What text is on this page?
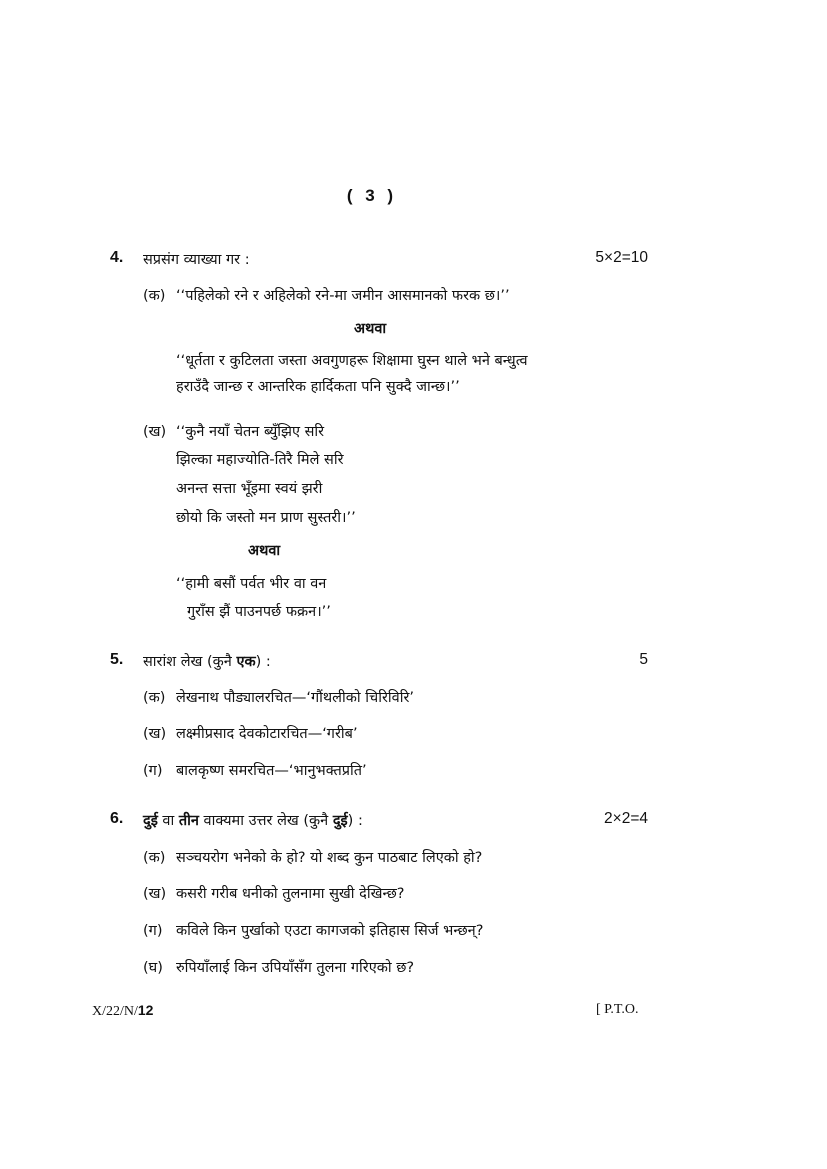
( 3 )
4. सप्रसंग व्याख्या गर :	5×2=10
(क) ‘‘पहिलेको रने र अहिलेको रने-मा जमीन आसमानको फरक छ।’’
अथवा
‘‘धूर्तता र कुटिलता जस्ता अवगुणहरू शिक्षामा घुस्न थाले भने बन्धुत्व
हराउँदै जान्छ र आन्तरिक हार्दिकता पनि सुक्दै जान्छ।’’
(ख) ‘‘कुनै नयाँ चेतन ब्युँझिए सरि
झिल्का महाज्योति-तिरै मिले सरि
अनन्त सत्ता भूँइमा स्वयं झरी
छोयो कि जस्तो मन प्राण सुस्तरी।’’
अथवा
‘‘हामी बसौं पर्वत भीर वा वन
गुराँस झैं पाउनपर्छ फक्रन।’’
5. सारांश लेख (कुनै एक) :	5
(क) लेखनाथ पौड्यालरचित—‘गौंथलीको चिरिविरि’
(ख) लक्ष्मीप्रसाद देवकोटारचित—‘गरीब’
(ग) बालकृष्ण समरचित—‘भानुभक्तप्रति’
6. दुई वा तीन वाक्यमा उत्तर लेख (कुनै दुई) :	2×2=4
(क) सञ्चयरोग भनेको के हो? यो शब्द कुन पाठबाट लिएको हो?
(ख) कसरी गरीब धनीको तुलनामा सुखी देखिन्छ?
(ग) कविले किन पुर्खाको एउटा कागजको इतिहास सिर्ज भन्छन्?
(घ) रुपियाँलाई किन उपियाँसँग तुलना गरिएको छ?
X/22/N/12	[ P.T.O.
